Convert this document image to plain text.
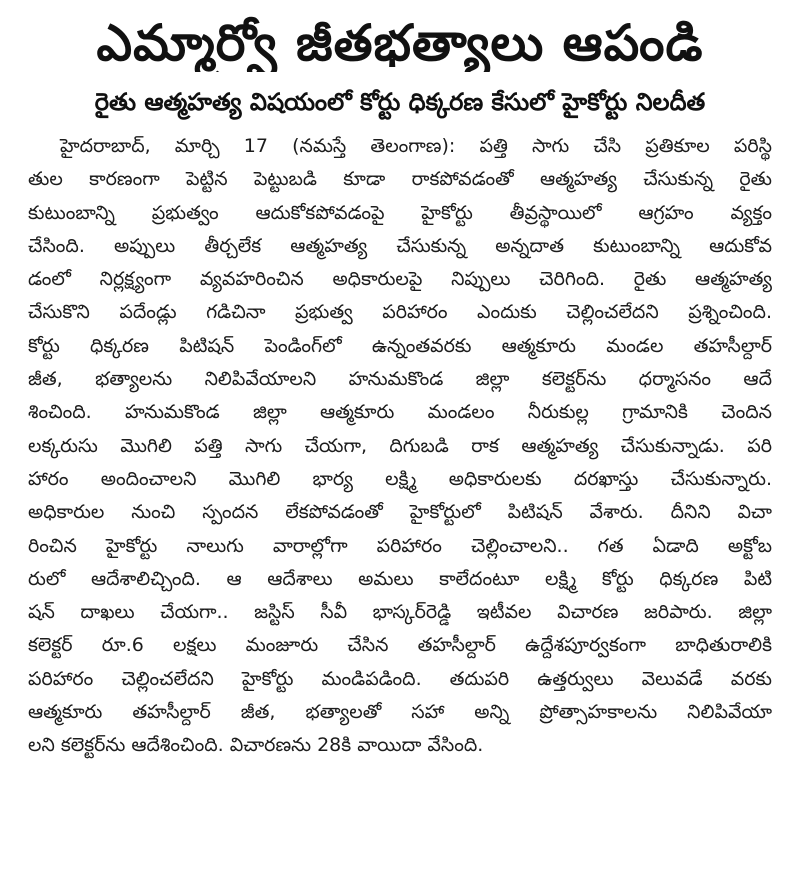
ఎమ్మార్వో జీతభత్యాలు ఆపండి
రైతు ఆత్మహత్య విషయంలో కోర్టు ధిక్కరణ కేసులో హైకోర్టు నిలదీత
హైదరాబాద్, మార్చి 17 (నమస్తే తెలంగాణ): పత్తి సాగు చేసి ప్రతికూల పరిస్థి
తుల కారణంగా పెట్టిన పెట్టుబడి కూడా రాకపోవడంతో ఆత్మహత్య చేసుకున్న రైతు
కుటుంబాన్ని ప్రభుత్వం ఆదుకోకపోవడంపై హైకోర్టు తీవ్రస్థాయిలో ఆగ్రహం వ్యక్తం
చేసింది. అప్పులు తీర్చలేక ఆత్మహత్య చేసుకున్న అన్నదాత కుటుంబాన్ని ఆదుకోవ
డంలో నిర్లక్ష్యంగా వ్యవహరించిన అధికారులపై నిప్పులు చెరిగింది. రైతు ఆత్మహత్య
చేసుకొని పదేండ్లు గడిచినా ప్రభుత్వ పరిహారం ఎందుకు చెల్లించలేదని ప్రశ్నించింది.
కోర్టు ధిక్కరణ పిటిషన్ పెండింగ్‌లో ఉన్నంతవరకు ఆత్మకూరు మండల తహసీల్దార్
జీత, భత్యాలను నిలిపివేయాలని హనుమకొండ జిల్లా కలెక్టర్‌ను ధర్మాసనం ఆదే
శించింది. హనుమకొండ జిల్లా ఆత్మకూరు మండలం నీరుకుల్ల గ్రామానికి చెందిన
లక్కరుసు మొగిలి పత్తి సాగు చేయగా, దిగుబడి రాక ఆత్మహత్య చేసుకున్నాడు. పరి
హారం అందించాలని మొగిలి భార్య లక్ష్మి అధికారులకు దరఖాస్తు చేసుకున్నారు.
అధికారుల నుంచి స్పందన లేకపోవడంతో హైకోర్టులో పిటిషన్ వేశారు. దీనిని విచా
రించిన హైకోర్టు నాలుగు వారాల్లోగా పరిహారం చెల్లించాలని.. గత ఏడాది అక్టోబ
రులో ఆదేశాలిచ్చింది. ఆ ఆదేశాలు అమలు కాలేదంటూ లక్ష్మి కోర్టు ధిక్కరణ పిటి
షన్ దాఖలు చేయగా.. జస్టిస్ సీవీ భాస్కర్‌రెడ్డి ఇటీవల విచారణ జరిపారు. జిల్లా
కలెక్టర్ రూ.6 లక్షలు మంజూరు చేసిన తహసీల్దార్ ఉద్దేశపూర్వకంగా బాధితురాలికి
పరిహారం చెల్లించలేదని హైకోర్టు మండిపడింది. తదుపరి ఉత్తర్వులు వెలువడే వరకు
ఆత్మకూరు తహసీల్దార్ జీత, భత్యాలతో సహా అన్ని ప్రోత్సాహకాలను నిలిపివేయా
లని కలెక్టర్‌ను ఆదేశించింది. విచారణను 28కి వాయిదా వేసింది.
